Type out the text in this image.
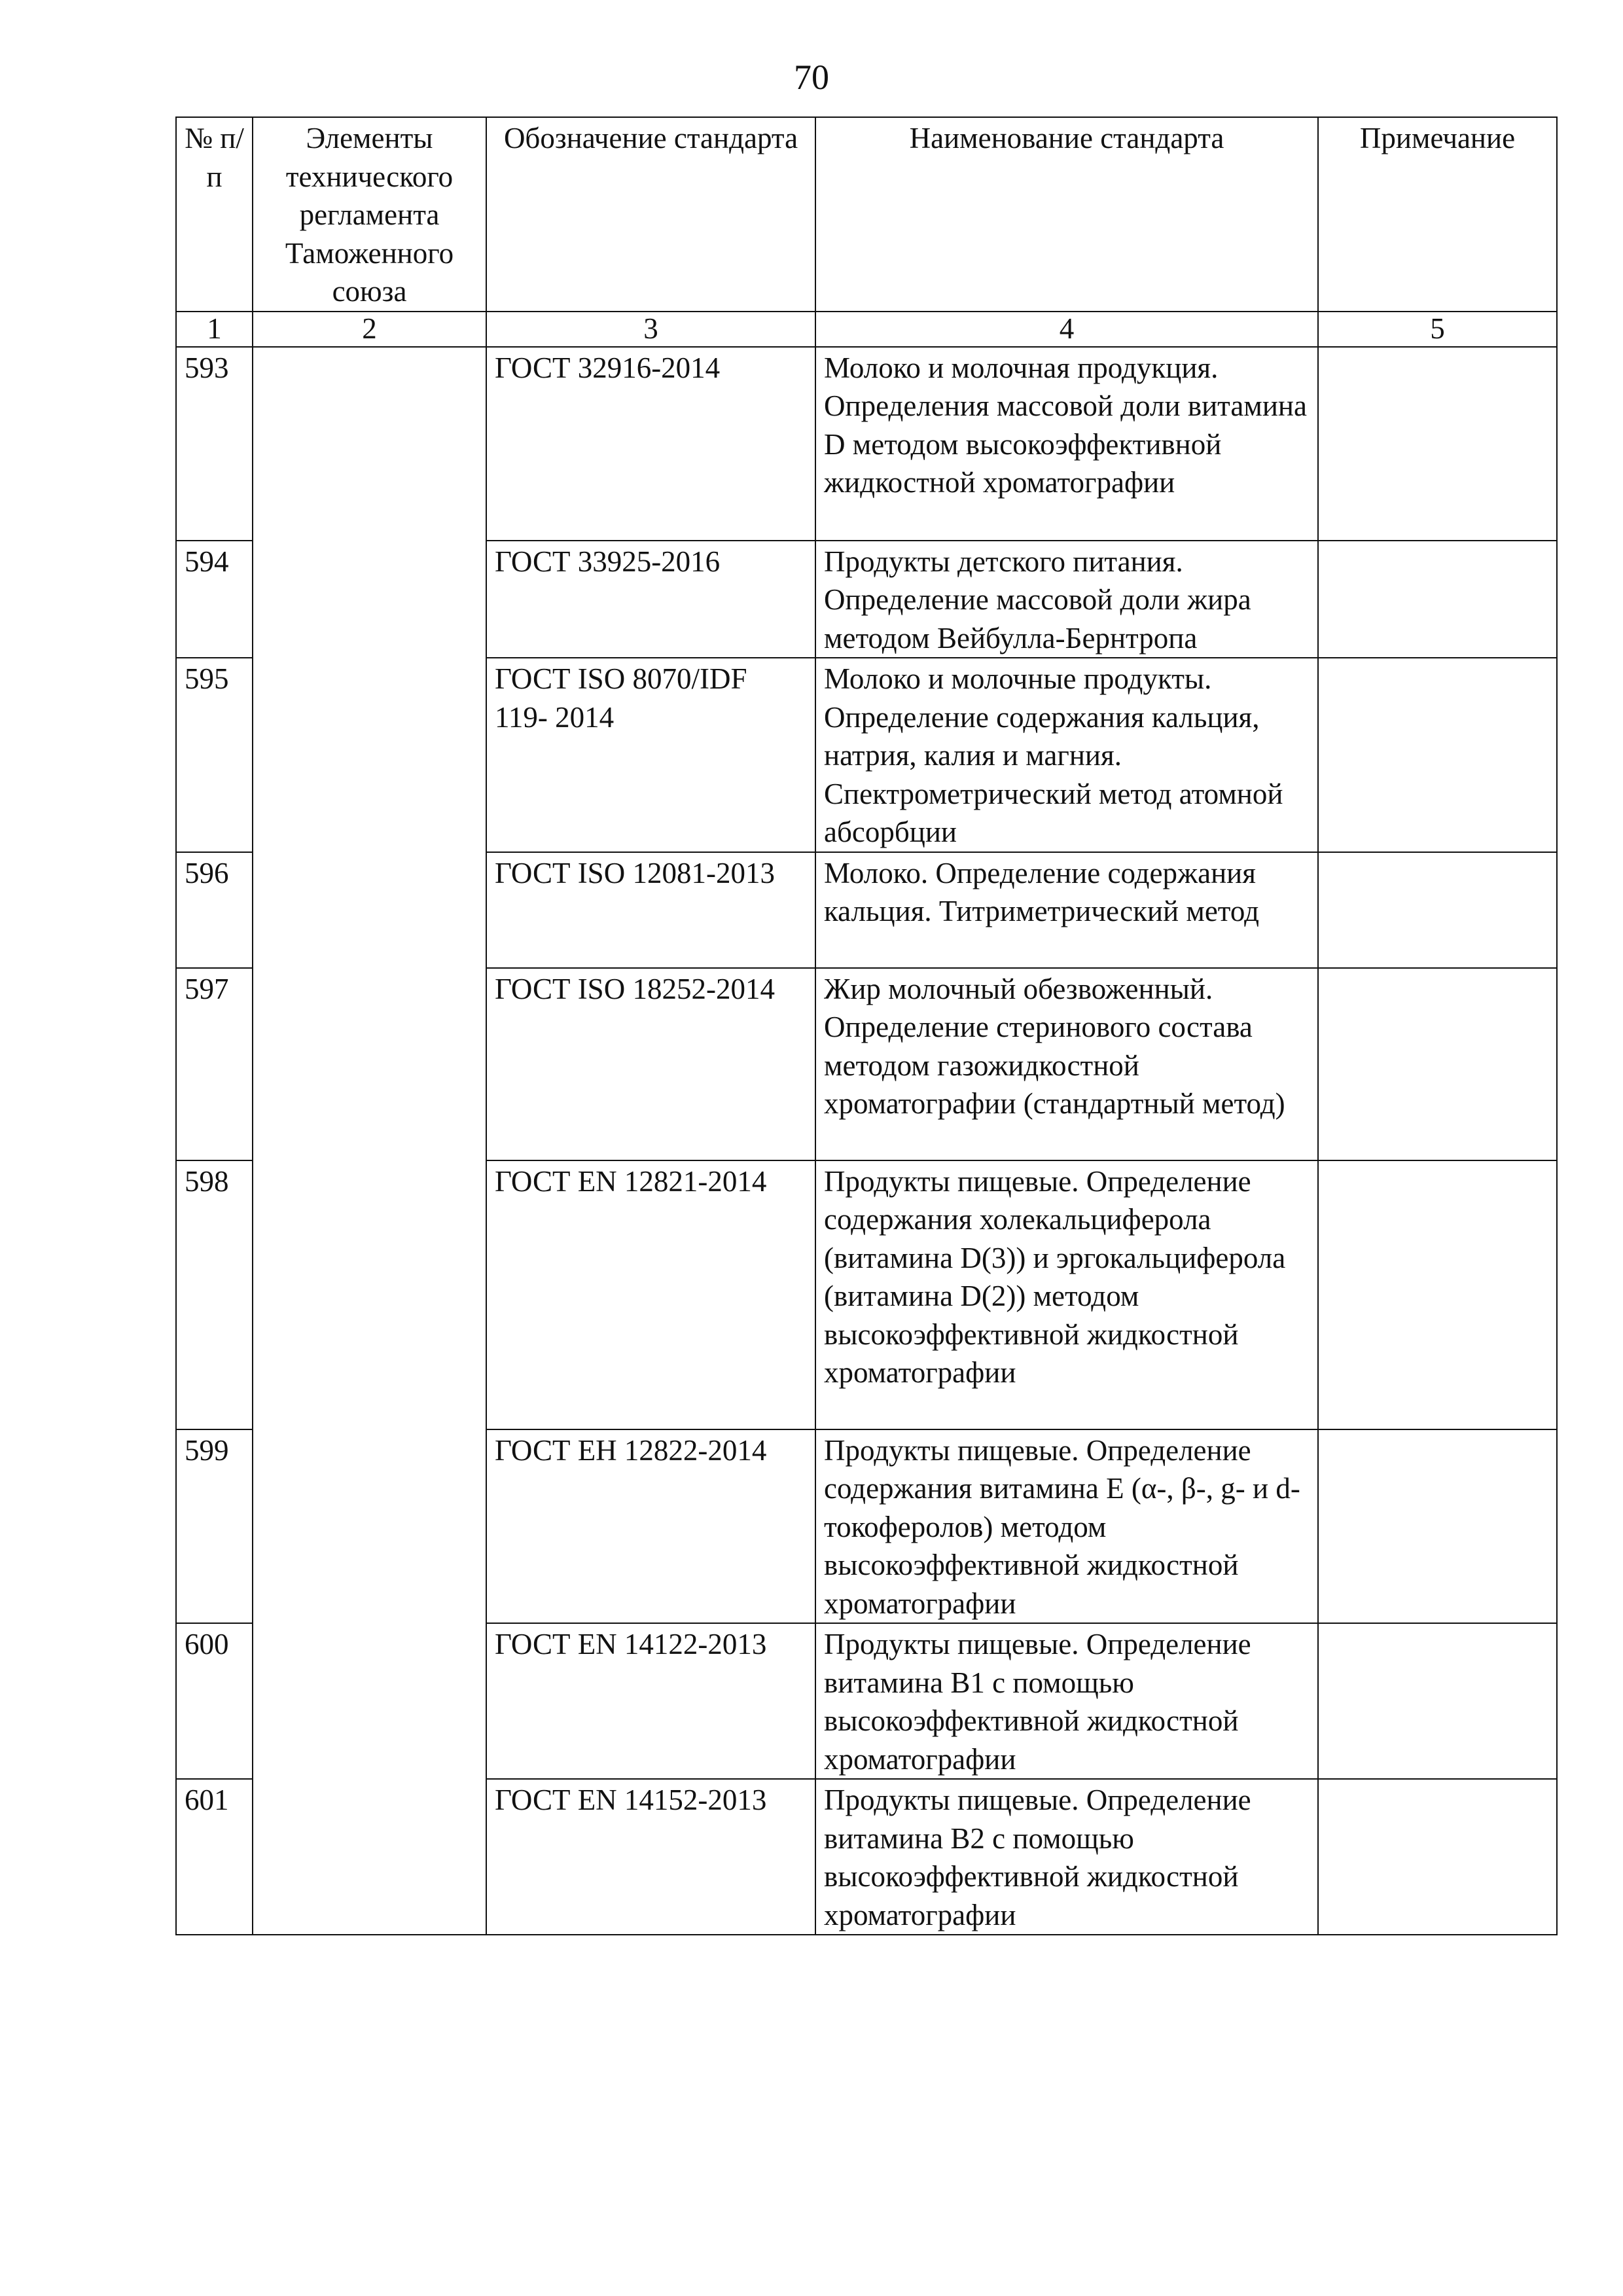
70
№ п/п	Элементы технического регламента Таможенного союза	Обозначение стандарта	Наименование стандарта	Примечание
1	2	3	4	5
593		ГОСТ 32916-2014	Молоко и молочная продукция. Определения массовой доли витамина D методом высокоэффективной жидкостной хроматографии	
594		ГОСТ 33925-2016	Продукты детского питания. Определение массовой доли жира методом Вейбулла-Бернтропа	
595		ГОСТ ISO 8070/IDF 119- 2014	Молоко и молочные продукты. Определение содержания кальция, натрия, калия и магния. Спектрометрический метод атомной абсорбции	
596		ГОСТ ISO 12081-2013	Молоко. Определение содержания кальция. Титриметрический метод	
597		ГОСТ ISO 18252-2014	Жир молочный обезвоженный. Определение стеринового состава методом газожидкостной хроматографии (стандартный метод)	
598		ГОСТ EN 12821-2014	Продукты пищевые. Определение содержания холекальциферола (витамина D(3)) и эргокальциферола (витамина D(2)) методом высокоэффективной жидкостной хроматографии	
599		ГОСТ ЕН 12822-2014	Продукты пищевые. Определение содержания витамина E (α-, β-, g- и d-токоферолов) методом высокоэффективной жидкостной хроматографии	
600		ГОСТ EN 14122-2013	Продукты пищевые. Определение витамина B1 с помощью высокоэффективной жидкостной хроматографии	
601		ГОСТ EN 14152-2013	Продукты пищевые. Определение витамина B2 с помощью высокоэффективной жидкостной хроматографии	
